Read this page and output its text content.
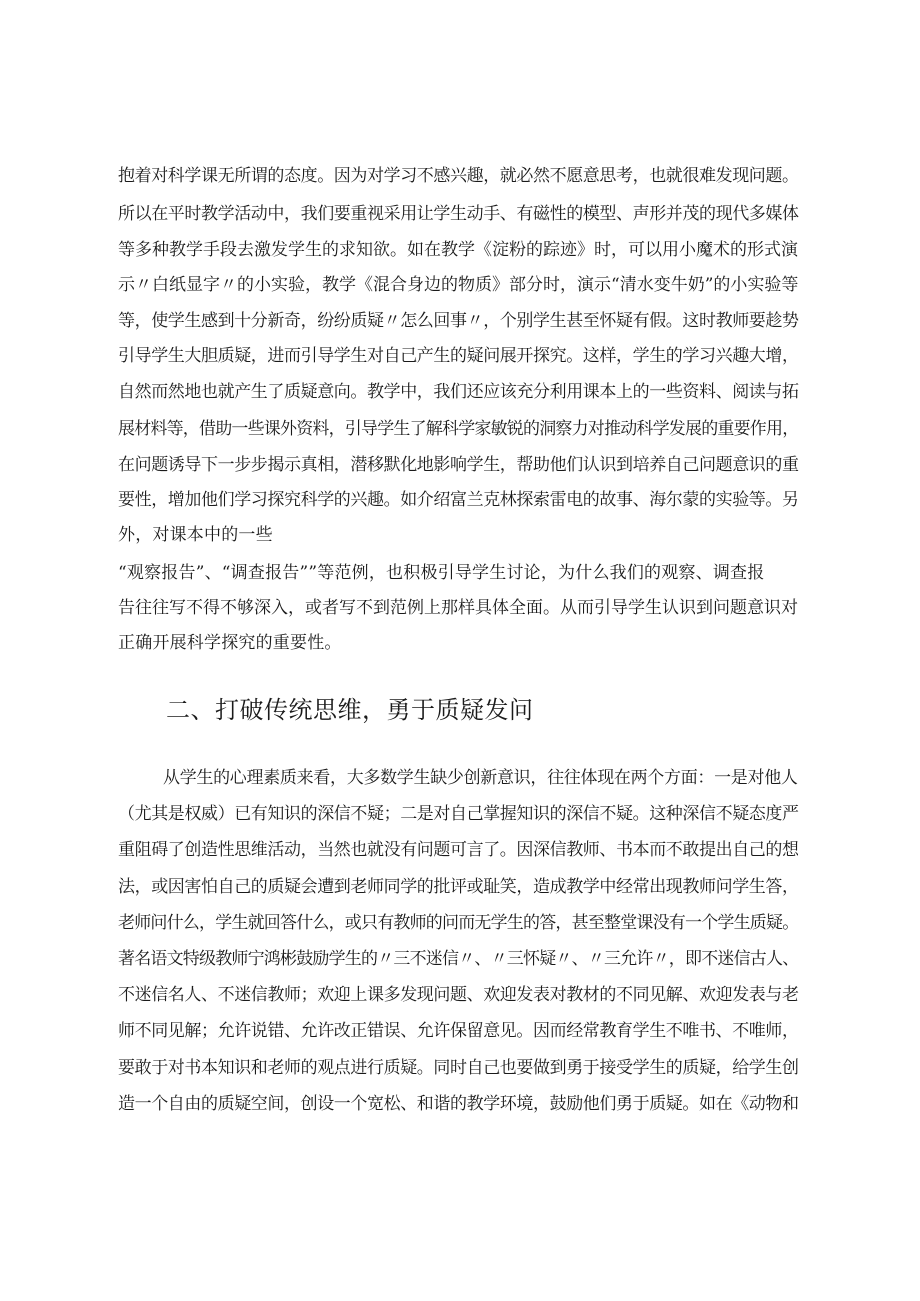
抱着对科学课无所谓的态度。因为对学习不感兴趣，就必然不愿意思考，也就很难发现问题。
所以在平时教学活动中，我们要重视采用让学生动手、有磁性的模型、声形并茂的现代多媒体
等多种教学手段去激发学生的求知欲。如在教学《淀粉的踪迹》时，可以用小魔术的形式演
示〃白纸显字〃的小实验，教学《混合身边的物质》部分时，演示“清水变牛奶”的小实验等
等，使学生感到十分新奇，纷纷质疑〃怎么回事〃，个别学生甚至怀疑有假。这时教师要趁势
引导学生大胆质疑，进而引导学生对自己产生的疑问展开探究。这样，学生的学习兴趣大增，
自然而然地也就产生了质疑意向。教学中，我们还应该充分利用课本上的一些资料、阅读与拓
展材料等，借助一些课外资料，引导学生了解科学家敏锐的洞察力对推动科学发展的重要作用，
在问题诱导下一步步揭示真相，潜移默化地影响学生，帮助他们认识到培养自己问题意识的重
要性，增加他们学习探究科学的兴趣。如介绍富兰克林探索雷电的故事、海尔蒙的实验等。另
外，对课本中的一些
“观察报告”、“调查报告””等范例，也积极引导学生讨论，为什么我们的观察、调查报
告往往写不得不够深入，或者写不到范例上那样具体全面。从而引导学生认识到问题意识对
正确开展科学探究的重要性。
二、打破传统思维，勇于质疑发问
从学生的心理素质来看，大多数学生缺少创新意识，往往体现在两个方面：一是对他人
（尤其是权威）已有知识的深信不疑；二是对自己掌握知识的深信不疑。这种深信不疑态度严
重阻碍了创造性思维活动，当然也就没有问题可言了。因深信教师、书本而不敢提出自己的想
法，或因害怕自己的质疑会遭到老师同学的批评或耻笑，造成教学中经常出现教师问学生答，
老师问什么，学生就回答什么，或只有教师的问而无学生的答，甚至整堂课没有一个学生质疑。
著名语文特级教师宁鸿彬鼓励学生的〃三不迷信〃、〃三怀疑〃、〃三允许〃，即不迷信古人、
不迷信名人、不迷信教师；欢迎上课多发现问题、欢迎发表对教材的不同见解、欢迎发表与老
师不同见解；允许说错、允许改正错误、允许保留意见。因而经常教育学生不唯书、不唯师，
要敢于对书本知识和老师的观点进行质疑。同时自己也要做到勇于接受学生的质疑，给学生创
造一个自由的质疑空间，创设一个宽松、和谐的教学环境，鼓励他们勇于质疑。如在《动物和
